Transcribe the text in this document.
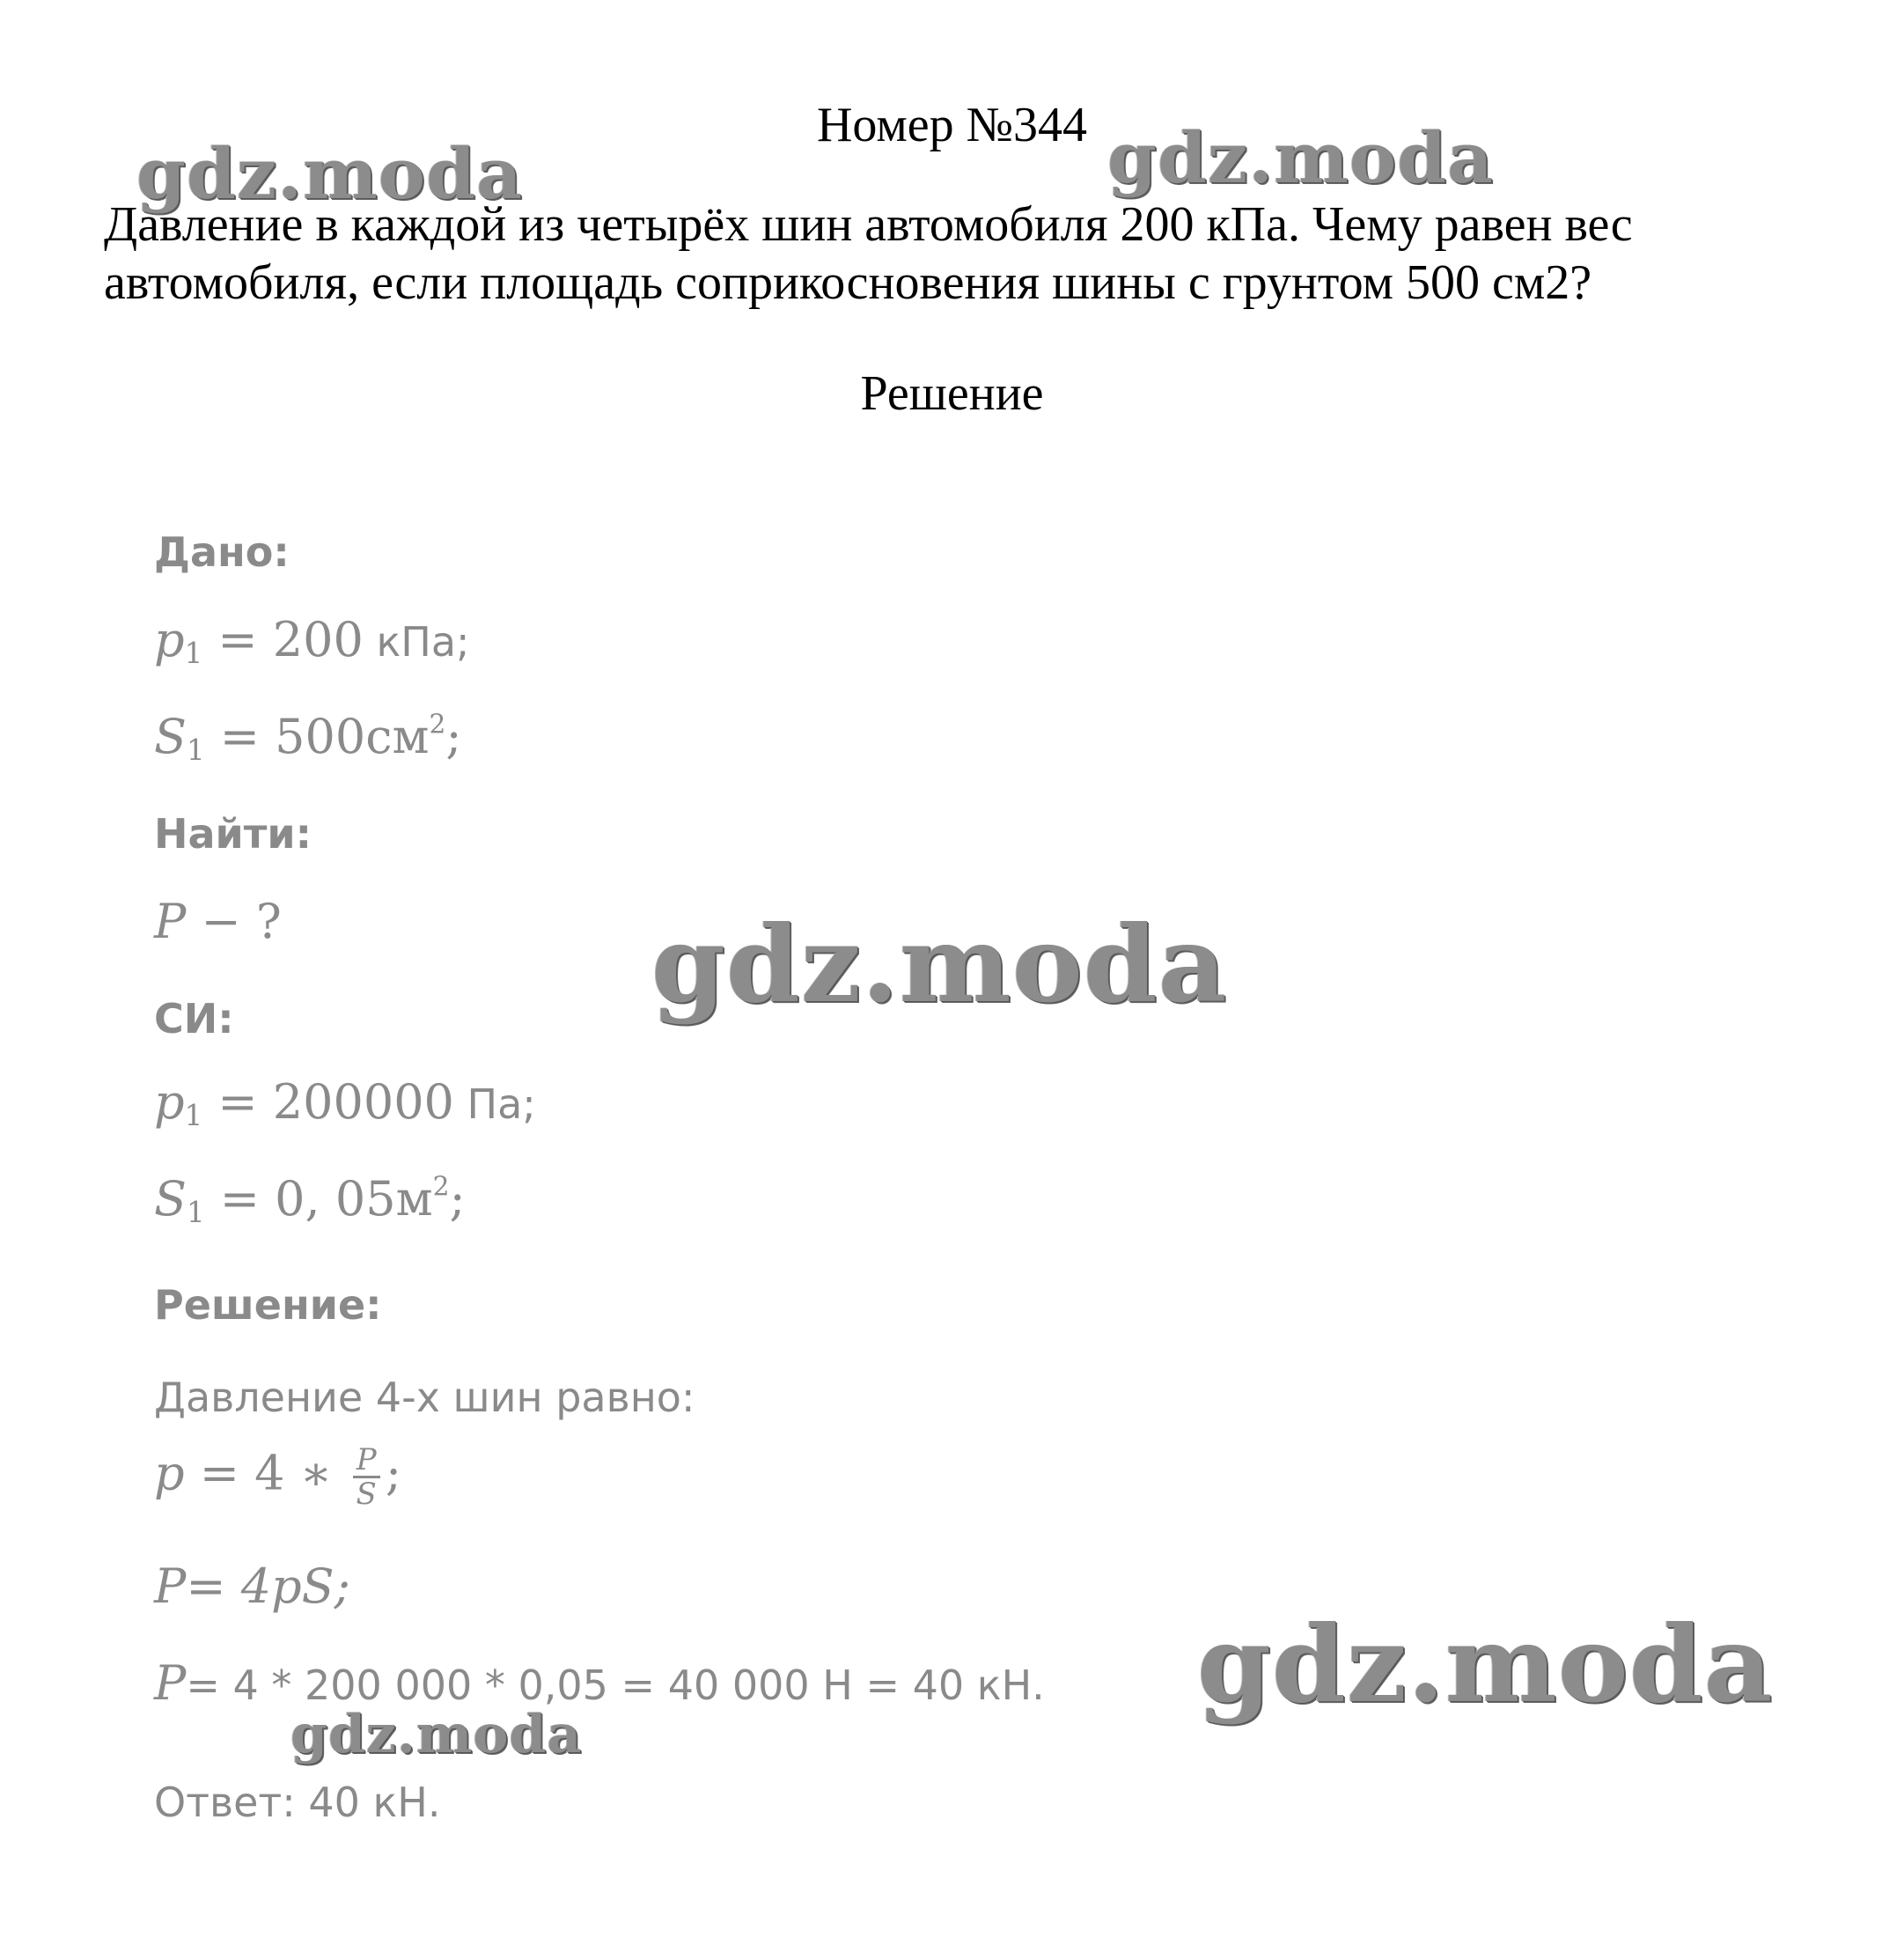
Номер №344
Давление в каждой из четырёх шин автомобиля 200 кПа. Чему равен вес автомобиля, если площадь соприкосновения шины с грунтом 500 см2?
Решение
Дано:
$p_1 = 200$ кПа;
$S_1 = 500см^2$;
Найти:
P − ?
СИ:
$p_1 = 200000$ Па;
$S_1 = 0$, $05м^2$;
Решение:
Давление 4-х шин равно:
p = 4 ∗ $\frac{P}{S}$ ;
P= 4pS;
P= 4 * 200 000 * 0,05 = 40 000 Н = 40 кН.
Ответ: 40 кН.
gdz.moda	gdz.moda
gdz.moda
gdz.moda
gdz.moda
